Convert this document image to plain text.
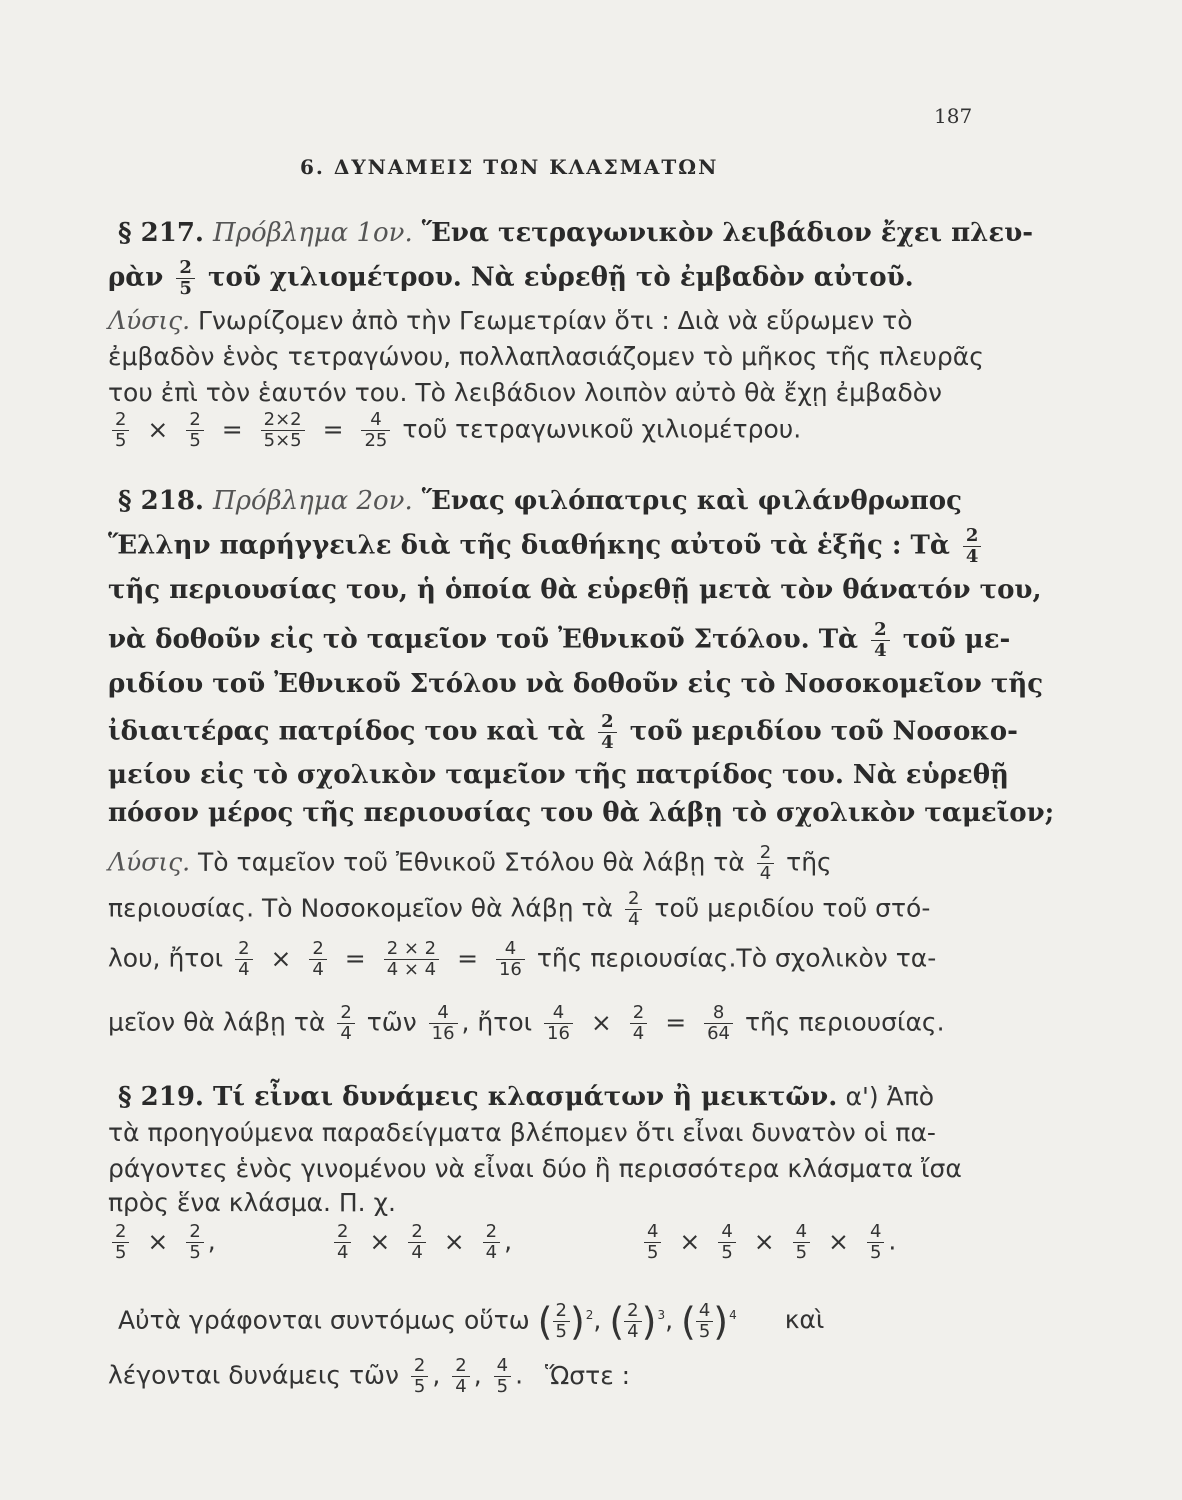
187
6. ΔΥΝΑΜΕΙΣ ΤΩΝ ΚΛΑΣΜΑΤΩΝ
§ 217. Πρόβλημα 1ον. Ἕνα τετραγωνικὸν λειβάδιον ἔχει πλευ-
ρὰν $\frac{2}{5}$ τοῦ χιλιομέτρου. Νὰ εὑρεθῇ τὸ ἐμβαδὸν αὐτοῦ.
Λύσις. Γνωρίζομεν ἀπὸ τὴν Γεωμετρίαν ὅτι : Διὰ νὰ εὕρωμεν τὸ
ἐμβαδὸν ἑνὸς τετραγώνου, πολλαπλασιάζομεν τὸ μῆκος τῆς πλευρᾶς
του ἐπὶ τὸν ἑαυτόν του. Τὸ λειβάδιον λοιπὸν αὐτὸ θὰ ἔχῃ ἐμβαδὸν
$\frac{2}{5} \times \frac{2}{5} = \frac{2\times 2}{5\times 5} = \frac{4}{25}$ τοῦ τετραγωνικοῦ χιλιομέτρου.
§ 218. Πρόβλημα 2ον. Ἕνας φιλόπατρις καὶ φιλάνθρωπος
Ἕλλην παρήγγειλε διὰ τῆς διαθήκης αὐτοῦ τὰ ἑξῆς : Τὰ $\frac{2}{4}$
τῆς περιουσίας του, ἡ ὁποία θὰ εὑρεθῇ μετὰ τὸν θάνατόν του,
νὰ δοθοῦν εἰς τὸ ταμεῖον τοῦ Ἐθνικοῦ Στόλου. Τὰ $\frac{2}{4}$ τοῦ με-
ριδίου τοῦ Ἐθνικοῦ Στόλου νὰ δοθοῦν εἰς τὸ Νοσοκομεῖον τῆς
ἰδιαιτέρας πατρίδος του καὶ τὰ $\frac{2}{4}$ τοῦ μεριδίου τοῦ Νοσοκο-
μείου εἰς τὸ σχολικὸν ταμεῖον τῆς πατρίδος του. Νὰ εὑρεθῇ
πόσον μέρος τῆς περιουσίας του θὰ λάβῃ τὸ σχολικὸν ταμεῖον;
Λύσις. Τὸ ταμεῖον τοῦ Ἐθνικοῦ Στόλου θὰ λάβῃ τὰ $\frac{2}{4}$ τῆς
περιουσίας. Τὸ Νοσοκομεῖον θὰ λάβῃ τὰ $\frac{2}{4}$ τοῦ μεριδίου τοῦ στό-
λου, ἤτοι $\frac{2}{4} \times \frac{2}{4} = \frac{2 \times 2}{4 \times 4} = \frac{4}{16}$ τῆς περιουσίας.Τὸ σχολικὸν τα-
μεῖον θὰ λάβῃ τὰ $\frac{2}{4}$ τῶν $\frac{4}{16}$ , ἤτοι $\frac{4}{16} \times \frac{2}{4} = \frac{8}{64}$ τῆς περιουσίας.
§ 219. Τί εἶναι δυνάμεις κλασμάτων ἢ μεικτῶν. α') Ἀπὸ
τὰ προηγούμενα παραδείγματα βλέπομεν ὅτι εἶναι δυνατὸν οἱ πα-
ράγοντες ἑνὸς γινομένου νὰ εἶναι δύο ἢ περισσότερα κλάσματα ἴσα
πρὸς ἕνα κλάσμα. Π. χ.
$\frac{2}{5} \times \frac{2}{5}$ ,	$\frac{2}{4} \times \frac{2}{4} \times \frac{2}{4}$ ,	$\frac{4}{5} \times \frac{4}{5} \times \frac{4}{5} \times \frac{4}{5}$ .
Αὐτὰ γράφονται συντόμως οὕτω ( $\frac{2}{5} )^2$, ( $\frac{2}{4} )^3$, ( $\frac{4}{5} )^4$ καὶ
λέγονται δυνάμεις τῶν $\frac{2}{5}$ , $\frac{2}{4}$ , $\frac{4}{5}$ . Ὥστε :
